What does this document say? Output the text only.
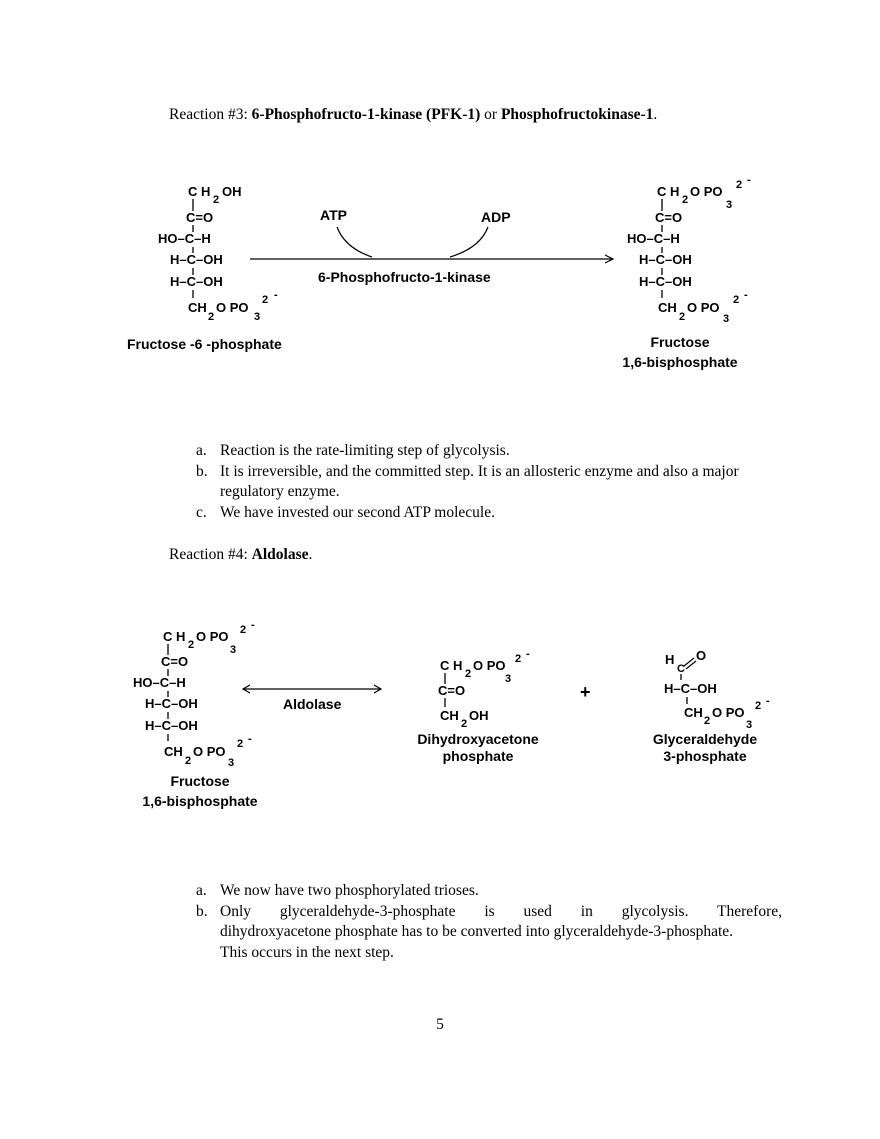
Reaction #3: 6-Phosphofructo-1-kinase (PFK-1) or Phosphofructokinase-1.
C H
2
OH
C=O
HO–C–H
H–C–OH
H–C–OH
CH
2
O PO
3
2 -
C H
2
O PO
3
2 -
C=O
HO–C–H
H–C–OH
H–C–OH
CH
2
O PO
3
2 -
ATP	ADP
6-Phosphofructo-1-kinase
Fructose -6 -phosphate	Fructose
1,6-bisphosphate
a. Reaction is the rate-limiting step of glycolysis.
b. It is irreversible, and the committed step. It is an allosteric enzyme and also a major
regulatory enzyme.
c. We have invested our second ATP molecule.
Reaction #4: Aldolase.
C H
2
O PO
3
2 -
C=O
HO–C–H
H–C–OH
H–C–OH
CH
2
O PO
3
2 -
C H
2
O PO
3
2 -
C=O
CH
2
OH
H
C
O
H–C–OH
CH
2
O PO
3
2 -
Aldolase
+
Fructose
1,6-bisphosphate
Dihydroxyacetone
phosphate
Glyceraldehyde
3-phosphate
a. We now have two phosphorylated trioses.
b. Only glyceraldehyde-3-phosphate is used in glycolysis. Therefore,
dihydroxyacetone phosphate has to be converted into glyceraldehyde-3-phosphate.
This occurs in the next step.
5
